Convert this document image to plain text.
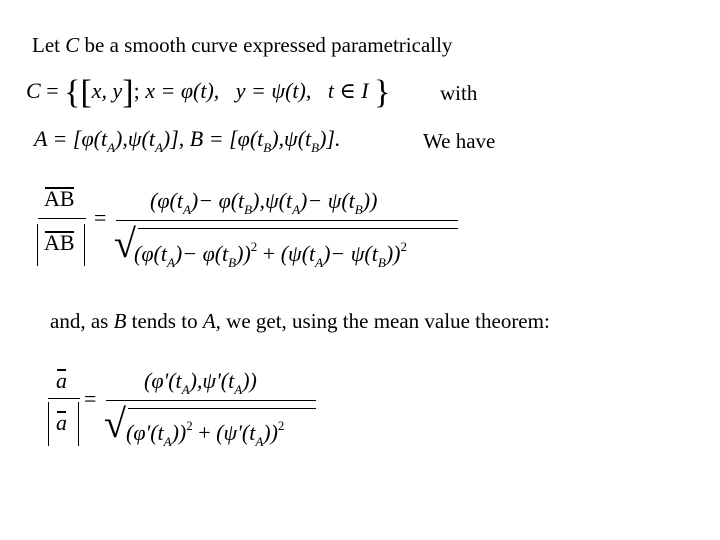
Let C be a smooth curve expressed parametrically
C = {[x, y]; x = φ(t), y = ψ(t), t ∈ I } with
$A = [\varphi(t_A),\psi(t_A)]$, $B = [\varphi(t_B),\psi(t_B)]$.	We have
AB
AB
=
$(\varphi(t_A)- \varphi(t_B),\psi(t_A)- \psi(t_B))$
√
$(\varphi(t_A)- \varphi(t_B))^2 + (\psi(t_A)- \psi(t_B))^2$
and, as B tends to A, we get, using the mean value theorem:
a
a
=
$(\varphi'(t_A),\psi'(t_A))$
√ $(\varphi'(t_A))^2 + (\psi'(t_A))^2$
